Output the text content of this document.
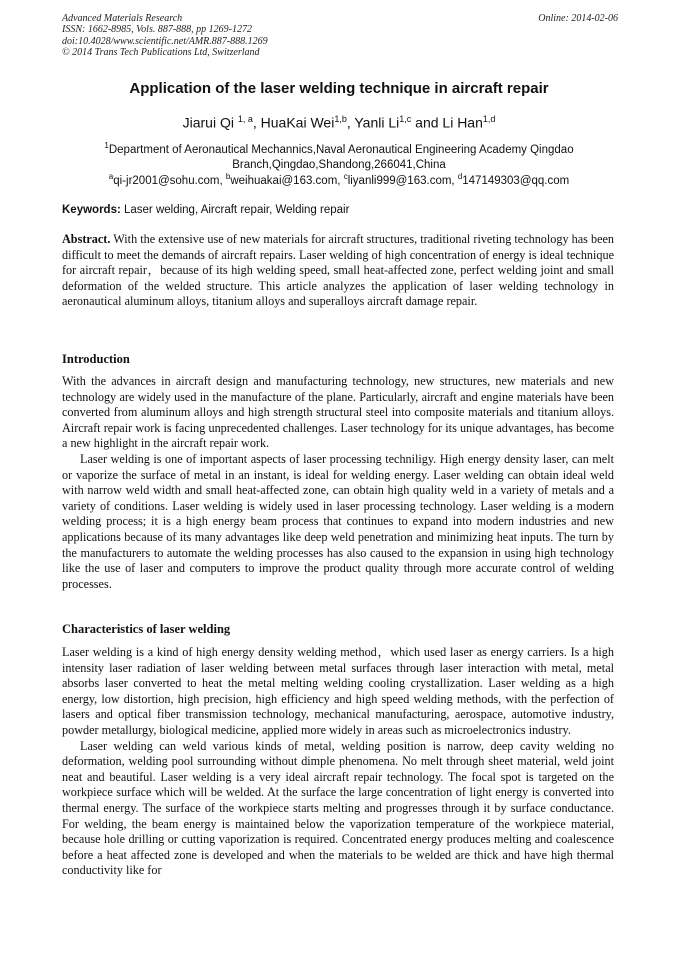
Advanced Materials Research
ISSN: 1662-8985, Vols. 887-888, pp 1269-1272
doi:10.4028/www.scientific.net/AMR.887-888.1269
© 2014 Trans Tech Publications Ltd, Switzerland
Online: 2014-02-06
Application of the laser welding technique in aircraft repair
Jiarui Qi $^{1, a}$, HuaKai Wei$^{1,b}$, Yanli Li$^{1,c}$ and Li Han$^{1,d}$
$^1$Department of Aeronautical Mechannics,Naval Aeronautical Engineering Academy Qingdao Branch,Qingdao,Shandong,266041,China
$^a$qi-jr2001@sohu.com, $^b$weihuakai@163.com, $^c$liyanli999@163.com, $^d$147149303@qq.com
Keywords: Laser welding, Aircraft repair, Welding repair

Abstract. With the extensive use of new materials for aircraft structures, traditional riveting technology has been difficult to meet the demands of aircraft repairs. Laser welding of high concentration of energy is ideal technique for aircraft repair，because of its high welding speed, small heat-affected zone, perfect welding joint and small deformation of the welded structure. This article analyzes the application of laser welding technology in aeronautical aluminum alloys, titanium alloys and superalloys aircraft damage repair.

Introduction

With the advances in aircraft design and manufacturing technology, new structures, new materials and new technology are widely used in the manufacture of the plane. Particularly, aircraft and engine materials have been converted from aluminum alloys and high strength structural steel into composite materials and titanium alloys. Aircraft repair work is facing unprecedented challenges. Laser technology for its unique advantages, has become a new highlight in the aircraft repair work.

Laser welding is one of important aspects of laser processing techniligy. High energy density laser, can melt or vaporize the surface of metal in an instant, is ideal for welding energy. Laser welding can obtain ideal weld with narrow weld width and small heat-affected zone, can obtain high quality weld in a variety of metals and a variety of conditions. Laser welding is widely used in laser processing technology. Laser welding is a modern welding process; it is a high energy beam process that continues to expand into modern industries and new applications because of its many advantages like deep weld penetration and minimizing heat inputs. The turn by the manufacturers to automate the welding processes has also caused to the expansion in using high technology like the use of laser and computers to improve the product quality through more accurate control of welding processes.

Characteristics of laser welding

Laser welding is a kind of high energy density welding method，which used laser as energy carriers. Is a high intensity laser radiation of laser welding between metal surfaces through laser interaction with metal, metal absorbs laser converted to heat the metal melting welding cooling crystallization. Laser welding as a high energy, low distortion, high precision, high efficiency and high speed welding methods, with the perfection of lasers and optical fiber transmission technology, mechanical manufacturing, aerospace, automotive industry, powder metallurgy, biological medicine, applied more widely in areas such as microelectronics industry.

Laser welding can weld various kinds of metal, welding position is narrow, deep cavity welding no deformation, welding pool surrounding without dimple phenomena. No melt through sheet material, weld joint neat and beautiful. Laser welding is a very ideal aircraft repair technology. The focal spot is targeted on the workpiece surface which will be welded. At the surface the large concentration of light energy is converted into thermal energy. The surface of the workpiece starts melting and progresses through it by surface conductance. For welding, the beam energy is maintained below the vaporization temperature of the workpiece material, because hole drilling or cutting vaporization is required. Concentrated energy produces melting and coalescence before a heat affected zone is developed and when the materials to be welded are thick and have high thermal conductivity like for
